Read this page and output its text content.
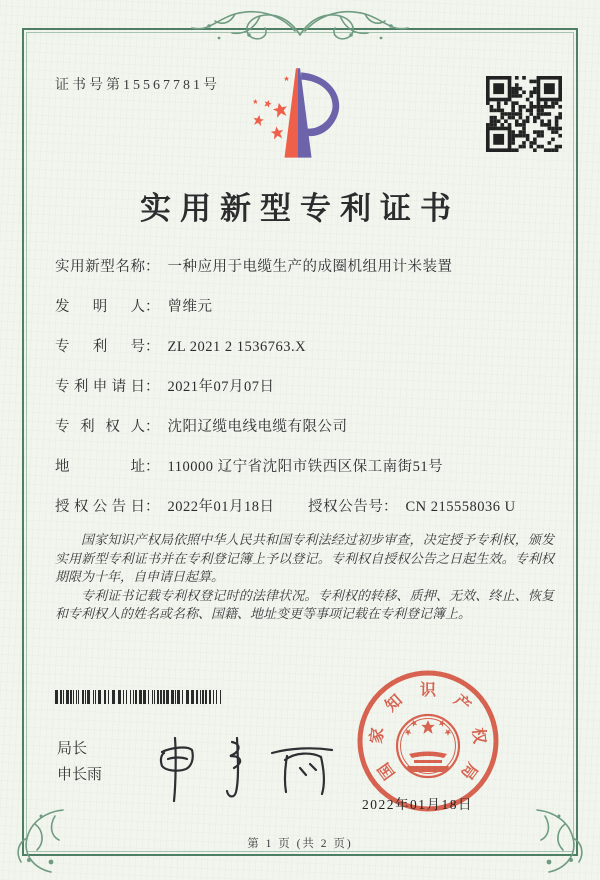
证书号第15567781号
实用新型专利证书
实用新型名称： 一种应用于电缆生产的成圈机组用计米装置
发明人： 曾维元
专利号： ZL 2021 2 1536763.X
专利申请日： 2021年07月07日
专利权人： 沈阳辽缆电线电缆有限公司
地址： 110000 辽宁省沈阳市铁西区保工南街51号
授权公告日： 2022年01月18日 授权公告号： CN 215558036 U

国家知识产权局依照中华人民共和国专利法经过初步审查，决定授予专利权，颁发实用新型专利证书并在专利登记簿上予以登记。专利权自授权公告之日起生效。专利权期限为十年，自申请日起算。

专利证书记载专利权登记时的法律状况。专利权的转移、质押、无效、终止、恢复和专利权人的姓名或名称、国籍、地址变更等事项记载在专利登记簿上。

局长
申长雨	国
家
知
识
产
权
局
2022年01月18日
第 1 页 (共 2 页)
